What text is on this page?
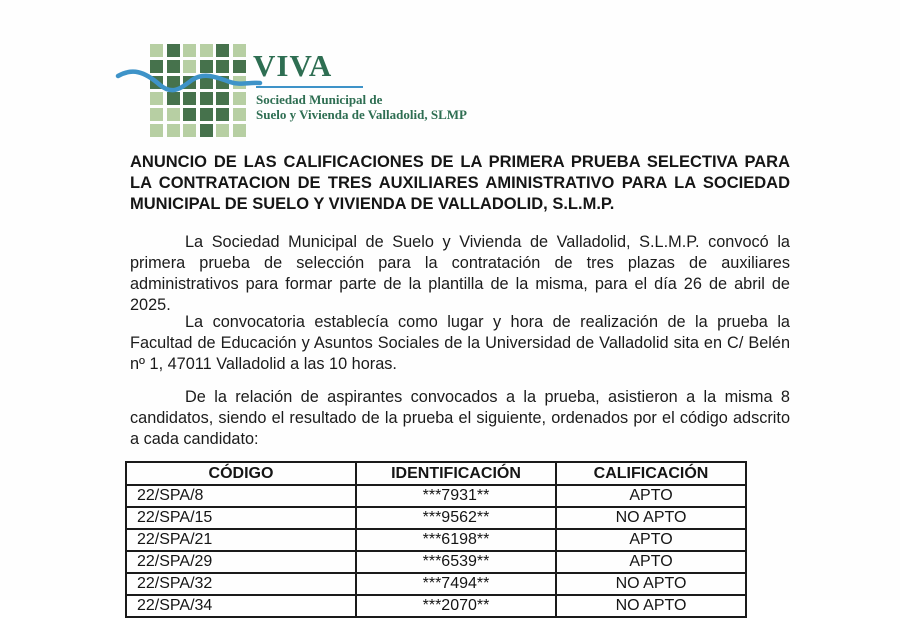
VIVA
Sociedad Municipal de
Suelo y Vivienda de Valladolid, SLMP
ANUNCIO DE LAS CALIFICACIONES DE LA PRIMERA PRUEBA SELECTIVA PARA LA CONTRATACION DE TRES AUXILIARES AMINISTRATIVO PARA LA SOCIEDAD MUNICIPAL DE SUELO Y VIVIENDA DE VALLADOLID, S.L.M.P.
La Sociedad Municipal de Suelo y Vivienda de Valladolid, S.L.M.P. convocó la primera prueba de selección para la contratación de tres plazas de auxiliares administrativos para formar parte de la plantilla de la misma, para el día 26 de abril de 2025.
La convocatoria establecía como lugar y hora de realización de la prueba la Facultad de Educación y Asuntos Sociales de la Universidad de Valladolid sita en C/ Belén nº 1, 47011 Valladolid a las 10 horas.
De la relación de aspirantes convocados a la prueba, asistieron a la misma 8 candidatos, siendo el resultado de la prueba el siguiente, ordenados por el código adscrito a cada candidato:
CÓDIGO	IDENTIFICACIÓN	CALIFICACIÓN
22/SPA/8	***7931**	APTO
22/SPA/15	***9562**	NO APTO
22/SPA/21	***6198**	APTO
22/SPA/29	***6539**	APTO
22/SPA/32	***7494**	NO APTO
22/SPA/34	***2070**	NO APTO
